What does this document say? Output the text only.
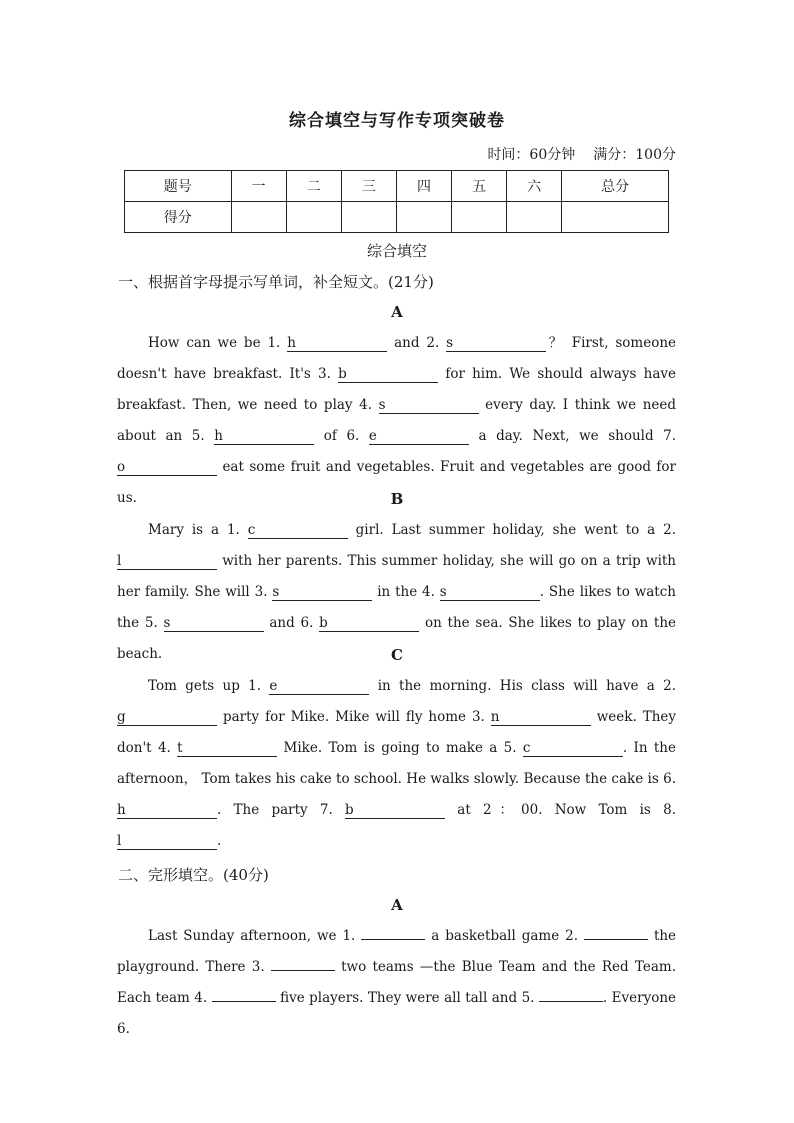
综合填空与写作专项突破卷
时间：60分钟 满分：100分
题号	一	二	三	四	五	六	总分
得分							
综合填空
一、根据首字母提示写单词，补全短文。(21分)
A
How can we be 1. h	and 2. s	？ First, someone doesn't have breakfast. It's 3. b	for him. We should always have breakfast. Then, we need to play 4. s	every day. I think we need about an 5. h	of 6. e	a day. Next, we should 7. o	eat some fruit and vegetables. Fruit and vegetables are good for us.	B
Mary is a 1. c	girl. Last summer holiday, she went to a 2. l	with her parents. This summer holiday, she will go on a trip with her family. She will 3. s	in the 4. s	. She likes to watch the 5. s	and 6. b	on the sea. She likes to play on the beach.	C
Tom gets up 1. e	in the morning. His class will have a 2. g	party for Mike. Mike will fly home 3. n	week. They don't 4. t	Mike. Tom is going to make a 5. c	. In the afternoon， Tom takes his cake to school. He walks slowly. Because the cake is 6. h	. The party 7. b	at 2：00. Now Tom is 8. l	.
二、完形填空。(40分)
A
Last Sunday afternoon, we 1.	a basketball game 2.	the playground. There 3.	two teams —the Blue Team and the Red Team. Each team 4.	five players. They were all tall and 5.	. Everyone 6.
